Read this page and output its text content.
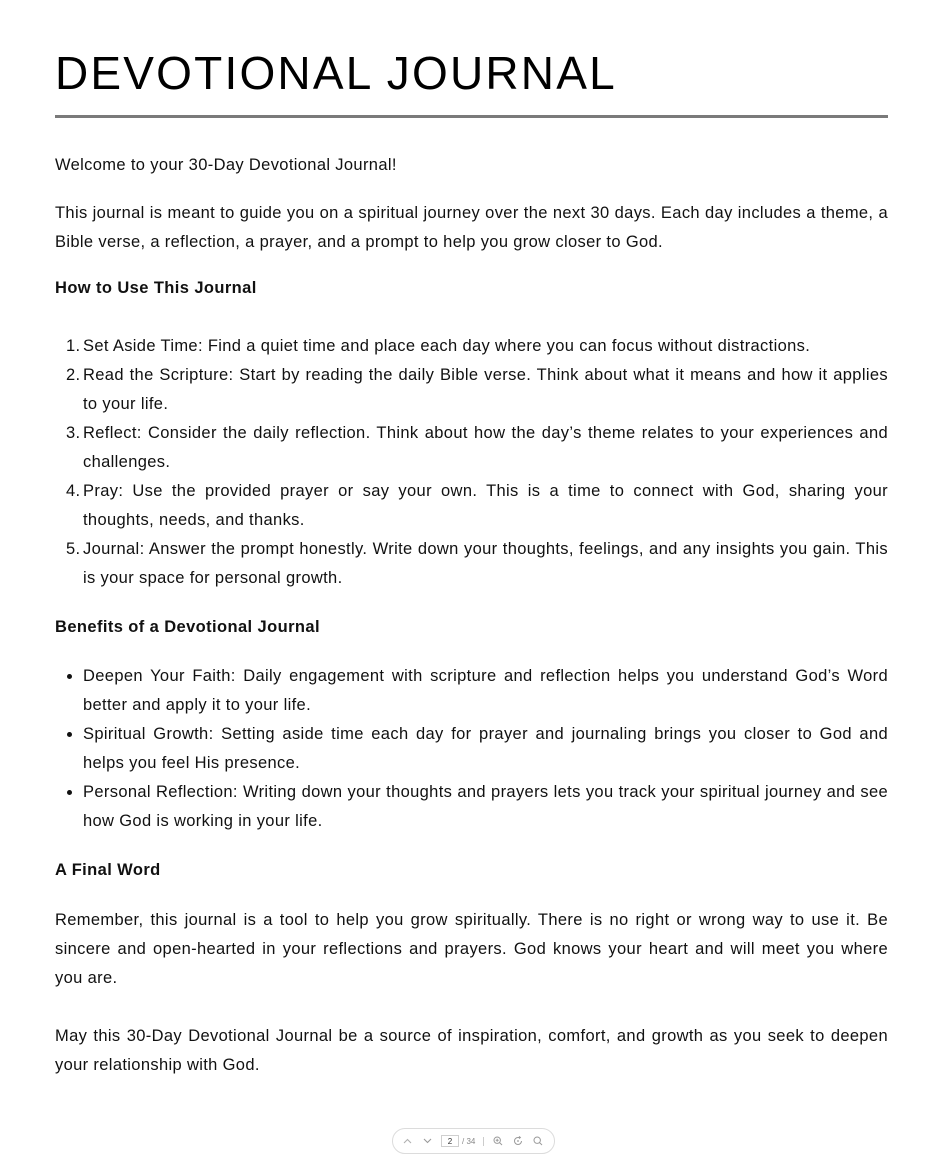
DEVOTIONAL JOURNAL

Welcome to your 30-Day Devotional Journal!

This journal is meant to guide you on a spiritual journey over the next 30 days. Each day includes a theme, a Bible verse, a reflection, a prayer, and a prompt to help you grow closer to God.

How to Use This Journal
1. Set Aside Time: Find a quiet time and place each day where you can focus without distractions.
2. Read the Scripture: Start by reading the daily Bible verse. Think about what it means and how it applies to your life.
3. Reflect: Consider the daily reflection. Think about how the day’s theme relates to your experiences and challenges.
4. Pray: Use the provided prayer or say your own. This is a time to connect with God, sharing your thoughts, needs, and thanks.
5. Journal: Answer the prompt honestly. Write down your thoughts, feelings, and any insights you gain. This is your space for personal growth.
Benefits of a Devotional Journal
Deepen Your Faith: Daily engagement with scripture and reflection helps you understand God’s Word better and apply it to your life.
Spiritual Growth: Setting aside time each day for prayer and journaling brings you closer to God and helps you feel His presence.
Personal Reflection: Writing down your thoughts and prayers lets you track your spiritual journey and see how God is working in your life.
A Final Word

Remember, this journal is a tool to help you grow spiritually. There is no right or wrong way to use it. Be sincere and open-hearted in your reflections and prayers. God knows your heart and will meet you where you are.

May this 30-Day Devotional Journal be a source of inspiration, comfort, and growth as you seek to deepen your relationship with God.

2
/ 34
